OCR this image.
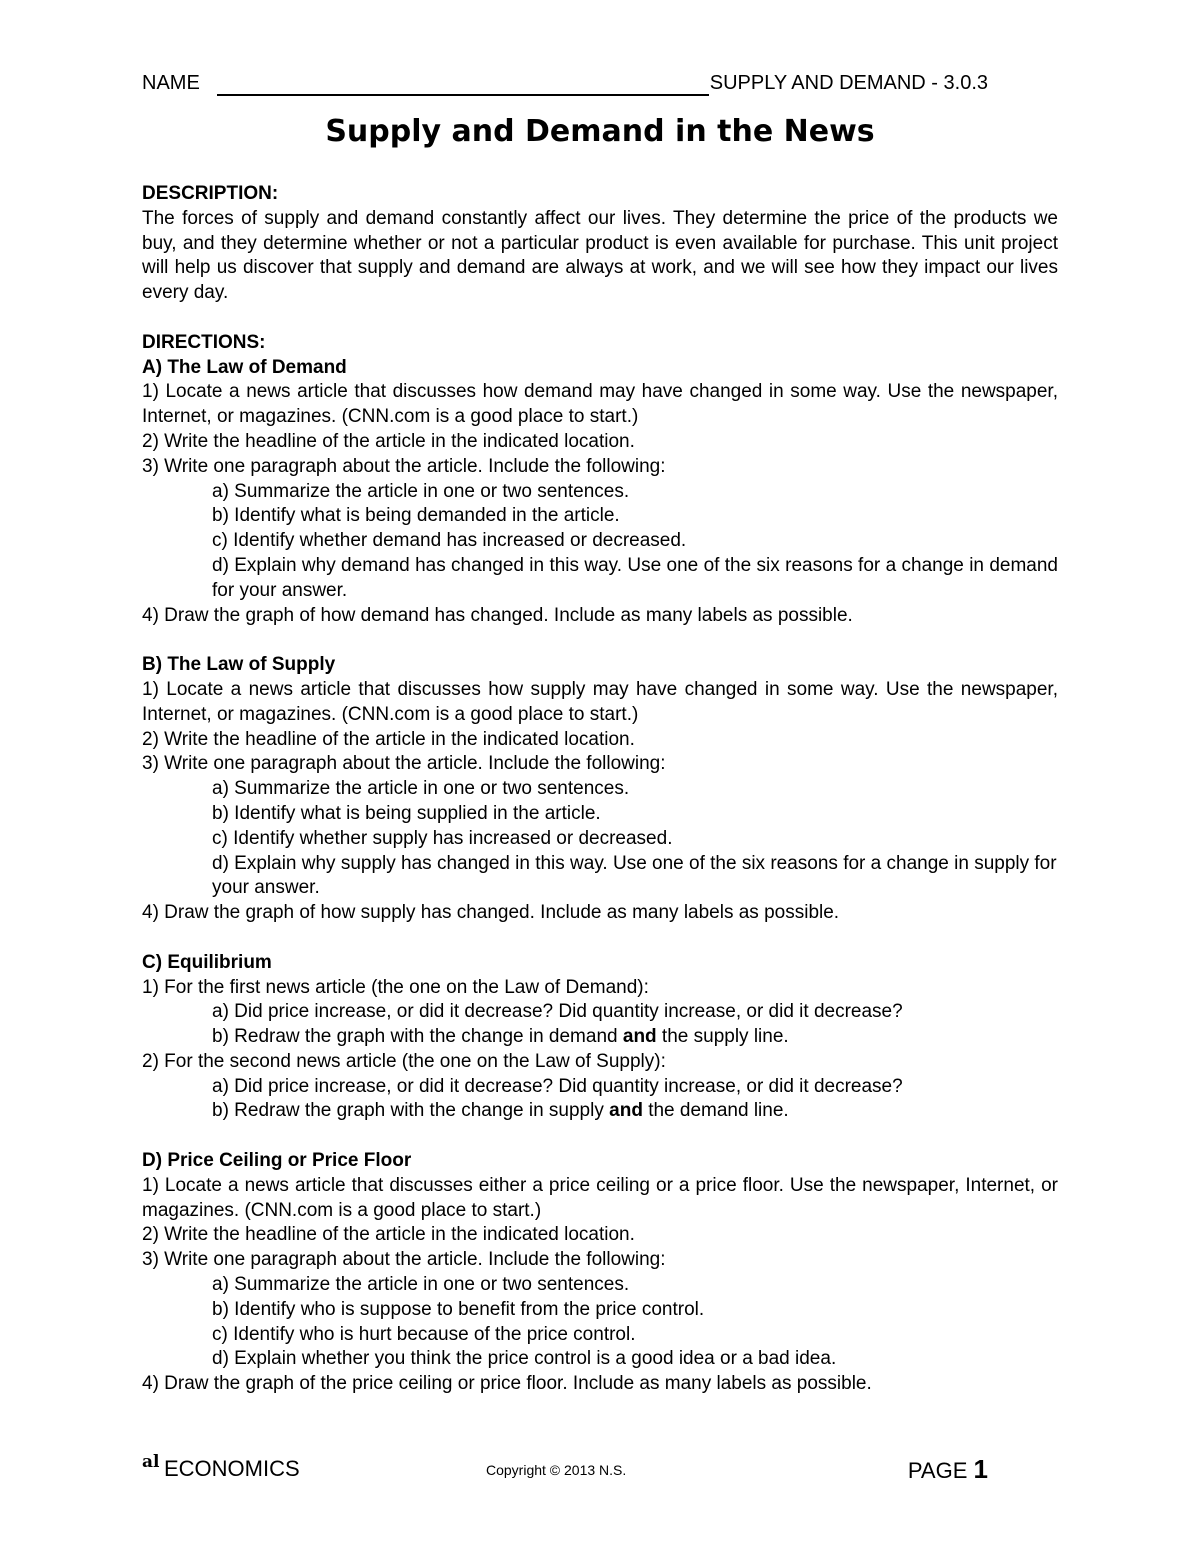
NAME	SUPPLY AND DEMAND - 3.0.3
Supply and Demand in the News

DESCRIPTION:

The forces of supply and demand constantly affect our lives. They determine the price of the products we buy, and they determine whether or not a particular product is even available for purchase. This unit project will help us discover that supply and demand are always at work, and we will see how they impact our lives every day.

DIRECTIONS:

A) The Law of Demand

1) Locate a news article that discusses how demand may have changed in some way. Use the newspaper, Internet, or magazines. (CNN.com is a good place to start.)

2) Write the headline of the article in the indicated location.

3) Write one paragraph about the article. Include the following:

a) Summarize the article in one or two sentences.

b) Identify what is being demanded in the article.

c) Identify whether demand has increased or decreased.

d) Explain why demand has changed in this way. Use one of the six reasons for a change in demand for your answer.

4) Draw the graph of how demand has changed. Include as many labels as possible.

B) The Law of Supply

1) Locate a news article that discusses how supply may have changed in some way. Use the newspaper, Internet, or magazines. (CNN.com is a good place to start.)

2) Write the headline of the article in the indicated location.

3) Write one paragraph about the article. Include the following:

a) Summarize the article in one or two sentences.

b) Identify what is being supplied in the article.

c) Identify whether supply has increased or decreased.

d) Explain why supply has changed in this way. Use one of the six reasons for a change in supply for your answer.

4) Draw the graph of how supply has changed. Include as many labels as possible.

C) Equilibrium

1) For the first news article (the one on the Law of Demand):

a) Did price increase, or did it decrease? Did quantity increase, or did it decrease?

b) Redraw the graph with the change in demand and the supply line.

2) For the second news article (the one on the Law of Supply):

a) Did price increase, or did it decrease? Did quantity increase, or did it decrease?

b) Redraw the graph with the change in supply and the demand line.

D) Price Ceiling or Price Floor

1) Locate a news article that discusses either a price ceiling or a price floor. Use the newspaper, Internet, or magazines. (CNN.com is a good place to start.)

2) Write the headline of the article in the indicated location.

3) Write one paragraph about the article. Include the following:

a) Summarize the article in one or two sentences.

b) Identify who is suppose to benefit from the price control.

c) Identify who is hurt because of the price control.

d) Explain whether you think the price control is a good idea or a bad idea.

4) Draw the graph of the price ceiling or price floor. Include as many labels as possible.

al ECONOMICS	Copyright © 2013 N.S.	PAGE 1
